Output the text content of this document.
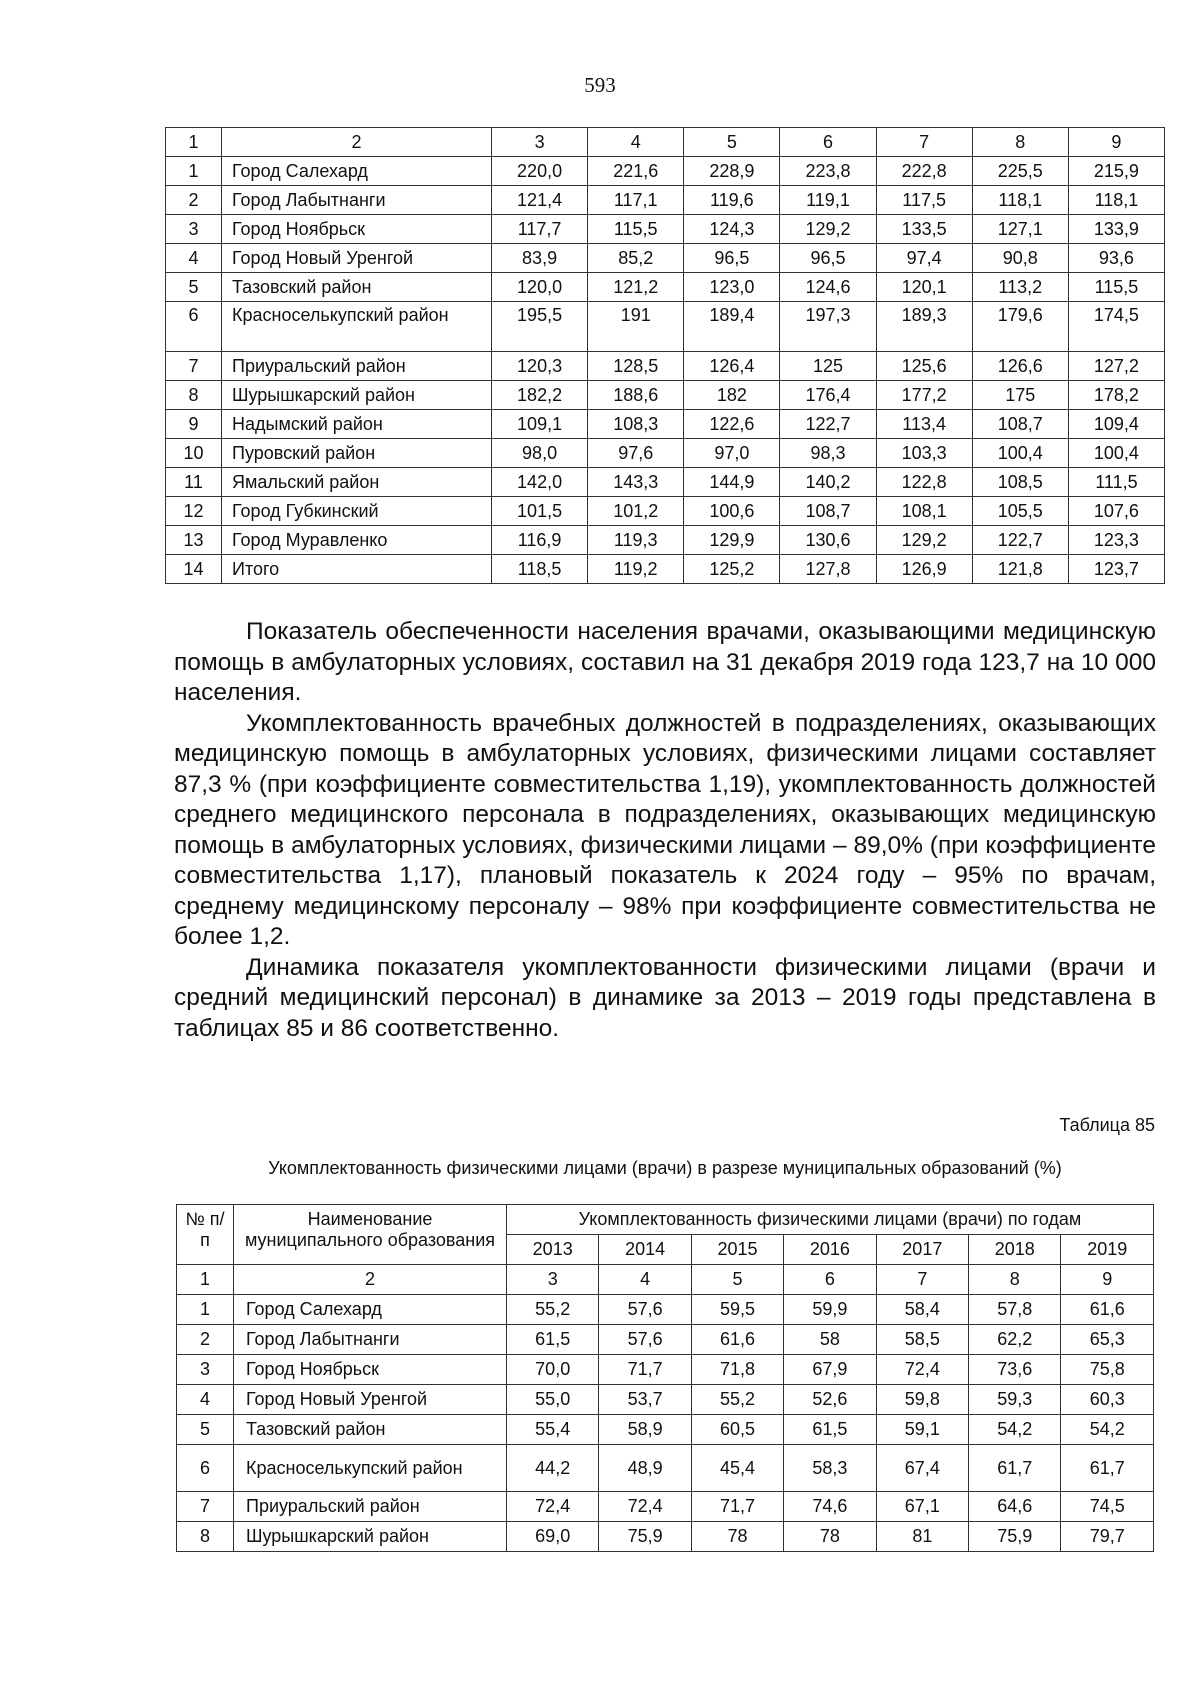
593
1	2	3	4	5	6	7	8	9
1	Город Салехард	220,0	221,6	228,9	223,8	222,8	225,5	215,9
2	Город Лабытнанги	121,4	117,1	119,6	119,1	117,5	118,1	118,1
3	Город Ноябрьск	117,7	115,5	124,3	129,2	133,5	127,1	133,9
4	Город Новый Уренгой	83,9	85,2	96,5	96,5	97,4	90,8	93,6
5	Тазовский район	120,0	121,2	123,0	124,6	120,1	113,2	115,5
6	Красноселькупский район	195,5	191	189,4	197,3	189,3	179,6	174,5
7	Приуральский район	120,3	128,5	126,4	125	125,6	126,6	127,2
8	Шурышкарский район	182,2	188,6	182	176,4	177,2	175	178,2
9	Надымский район	109,1	108,3	122,6	122,7	113,4	108,7	109,4
10	Пуровский район	98,0	97,6	97,0	98,3	103,3	100,4	100,4
11	Ямальский район	142,0	143,3	144,9	140,2	122,8	108,5	111,5
12	Город Губкинский	101,5	101,2	100,6	108,7	108,1	105,5	107,6
13	Город Муравленко	116,9	119,3	129,9	130,6	129,2	122,7	123,3
14	Итого	118,5	119,2	125,2	127,8	126,9	121,8	123,7

Показатель обеспеченности населения врачами, оказывающими медицинскую помощь в амбулаторных условиях, составил на 31 декабря 2019 года 123,7 на 10 000 населения.

Укомплектованность врачебных должностей в подразделениях, оказывающих медицинскую помощь в амбулаторных условиях, физическими лицами составляет 87,3 % (при коэффициенте совместительства 1,19), укомплектованность должностей среднего медицинского персонала в подразделениях, оказывающих медицинскую помощь в амбулаторных условиях, физическими лицами – 89,0% (при коэффициенте совместительства 1,17), плановый показатель к 2024 году – 95% по врачам, среднему медицинскому персоналу – 98% при коэффициенте совместительства не более 1,2.

Динамика показателя укомплектованности физическими лицами (врачи и средний медицинский персонал) в динамике за 2013 – 2019 годы представлена в таблицах 85 и 86 соответственно.

Таблица 85

Укомплектованность физическими лицами (врачи) в разрезе муниципальных образований (%)

№ п/п	Наименование муниципального образования	Укомплектованность физическими лицами (врачи) по годам						
		2013	2014	2015	2016	2017	2018	2019
1	2	3	4	5	6	7	8	9
1	Город Салехард	55,2	57,6	59,5	59,9	58,4	57,8	61,6
2	Город Лабытнанги	61,5	57,6	61,6	58	58,5	62,2	65,3
3	Город Ноябрьск	70,0	71,7	71,8	67,9	72,4	73,6	75,8
4	Город Новый Уренгой	55,0	53,7	55,2	52,6	59,8	59,3	60,3
5	Тазовский район	55,4	58,9	60,5	61,5	59,1	54,2	54,2
6	Красноселькупский район	44,2	48,9	45,4	58,3	67,4	61,7	61,7
7	Приуральский район	72,4	72,4	71,7	74,6	67,1	64,6	74,5
8	Шурышкарский район	69,0	75,9	78	78	81	75,9	79,7
